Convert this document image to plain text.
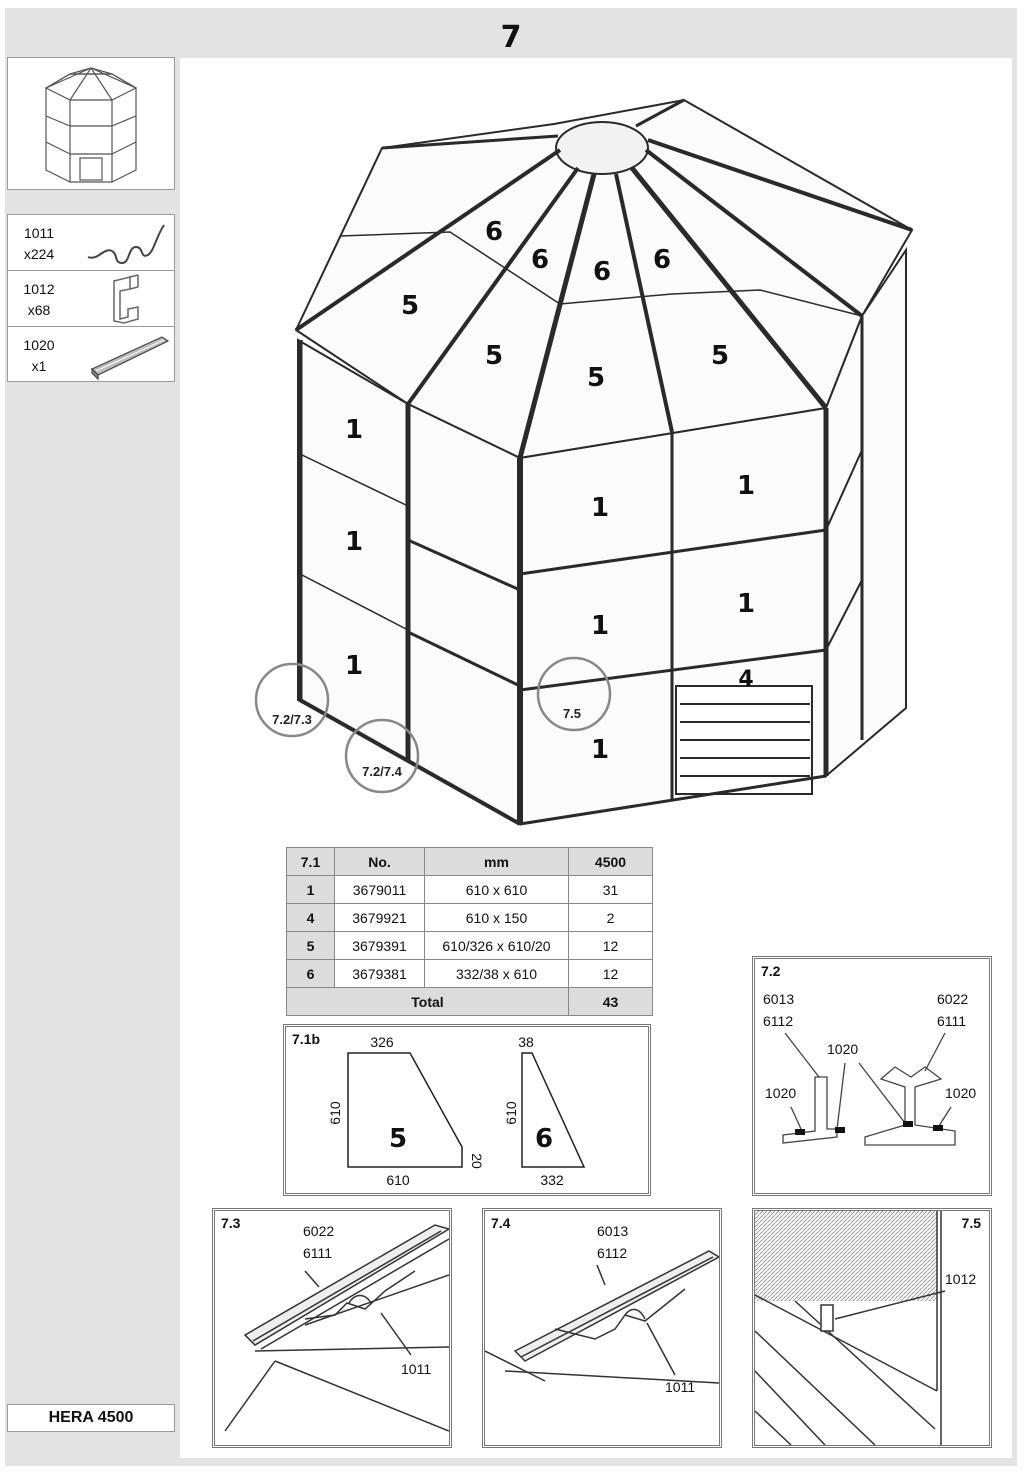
7
1011
x224
1012
x68
1020
x1
HERA 4500
6
6 6 6
5
5
5
5
1
1
1
1
1
1
1
1
4
7.2/7.3
7.2/7.4
7.5
7.1	No.	mm	4500
1	3679011	610 x 610	31
4	3679921	610 x 150	2
5	3679391	610/326 x 610/20	12
6	3679381	332/38 x 610	12
Total			43
5	6
326
610
610
20
38
332
610
7.1b
7.2
6013
6112
6022
6111
1020
1020	1020
7.3	6022
6111
1011
7.4	6013
6112
1011
7.5
1012
